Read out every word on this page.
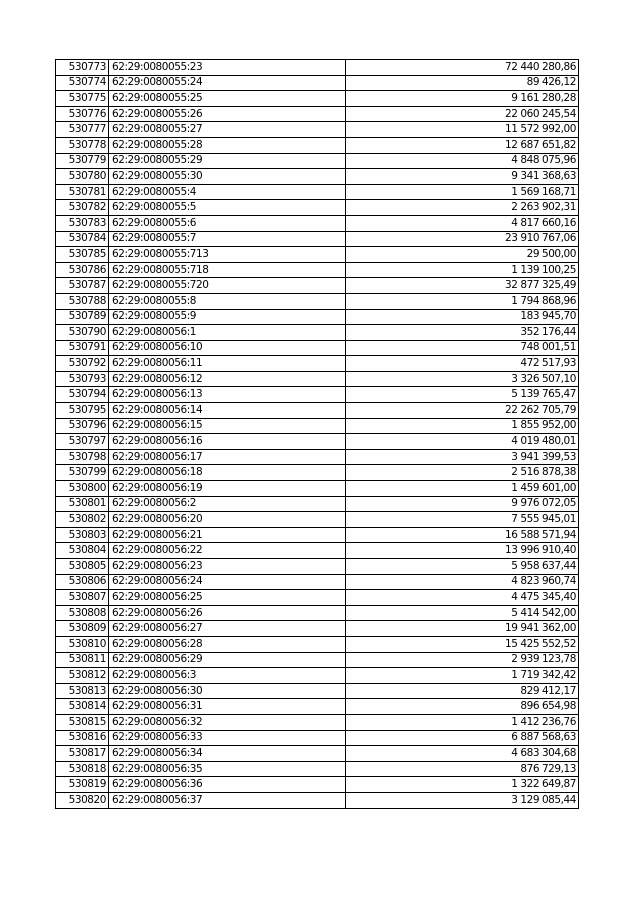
530773	62:29:0080055:23	72 440 280,86
530774	62:29:0080055:24	89 426,12
530775	62:29:0080055:25	9 161 280,28
530776	62:29:0080055:26	22 060 245,54
530777	62:29:0080055:27	11 572 992,00
530778	62:29:0080055:28	12 687 651,82
530779	62:29:0080055:29	4 848 075,96
530780	62:29:0080055:30	9 341 368,63
530781	62:29:0080055:4	1 569 168,71
530782	62:29:0080055:5	2 263 902,31
530783	62:29:0080055:6	4 817 660,16
530784	62:29:0080055:7	23 910 767,06
530785	62:29:0080055:713	29 500,00
530786	62:29:0080055:718	1 139 100,25
530787	62:29:0080055:720	32 877 325,49
530788	62:29:0080055:8	1 794 868,96
530789	62:29:0080055:9	183 945,70
530790	62:29:0080056:1	352 176,44
530791	62:29:0080056:10	748 001,51
530792	62:29:0080056:11	472 517,93
530793	62:29:0080056:12	3 326 507,10
530794	62:29:0080056:13	5 139 765,47
530795	62:29:0080056:14	22 262 705,79
530796	62:29:0080056:15	1 855 952,00
530797	62:29:0080056:16	4 019 480,01
530798	62:29:0080056:17	3 941 399,53
530799	62:29:0080056:18	2 516 878,38
530800	62:29:0080056:19	1 459 601,00
530801	62:29:0080056:2	9 976 072,05
530802	62:29:0080056:20	7 555 945,01
530803	62:29:0080056:21	16 588 571,94
530804	62:29:0080056:22	13 996 910,40
530805	62:29:0080056:23	5 958 637,44
530806	62:29:0080056:24	4 823 960,74
530807	62:29:0080056:25	4 475 345,40
530808	62:29:0080056:26	5 414 542,00
530809	62:29:0080056:27	19 941 362,00
530810	62:29:0080056:28	15 425 552,52
530811	62:29:0080056:29	2 939 123,78
530812	62:29:0080056:3	1 719 342,42
530813	62:29:0080056:30	829 412,17
530814	62:29:0080056:31	896 654,98
530815	62:29:0080056:32	1 412 236,76
530816	62:29:0080056:33	6 887 568,63
530817	62:29:0080056:34	4 683 304,68
530818	62:29:0080056:35	876 729,13
530819	62:29:0080056:36	1 322 649,87
530820	62:29:0080056:37	3 129 085,44
